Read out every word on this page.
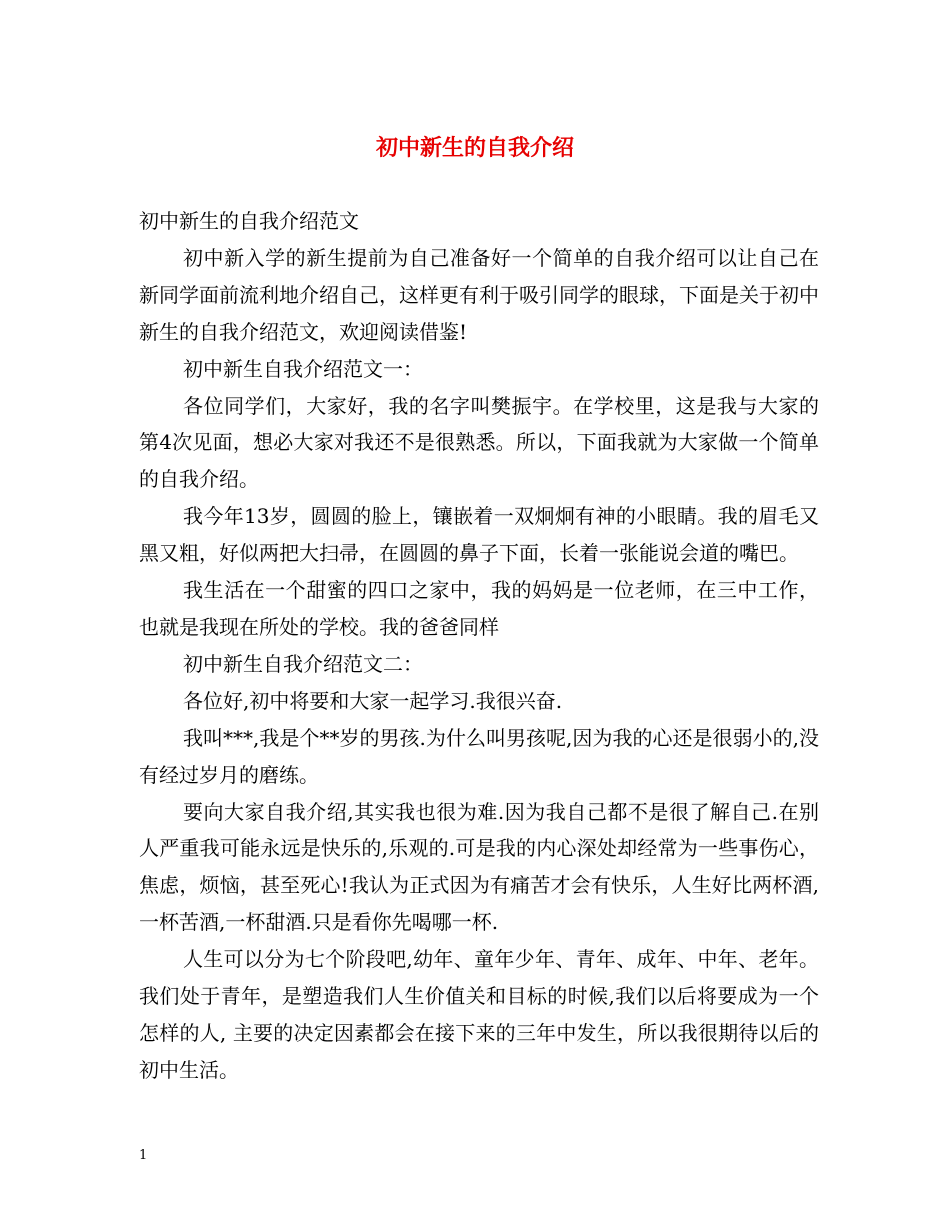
初中新生的自我介绍

初中新生的自我介绍范文

初中新入学的新生提前为自己准备好一个简单的自我介绍可以让自己在新同学面前流利地介绍自己，这样更有利于吸引同学的眼球，下面是关于初中新生的自我介绍范文，欢迎阅读借鉴!

初中新生自我介绍范文一：

各位同学们，大家好，我的名字叫樊振宇。在学校里，这是我与大家的第4次见面，想必大家对我还不是很熟悉。所以，下面我就为大家做一个简单的自我介绍。

我今年13岁，圆圆的脸上，镶嵌着一双炯炯有神的小眼睛。我的眉毛又黑又粗，好似两把大扫帚，在圆圆的鼻子下面，长着一张能说会道的嘴巴。

我生活在一个甜蜜的四口之家中，我的妈妈是一位老师，在三中工作，也就是我现在所处的学校。我的爸爸同样

初中新生自我介绍范文二：

各位好,初中将要和大家一起学习.我很兴奋.

我叫***,我是个**岁的男孩.为什么叫男孩呢,因为我的心还是很弱小的,没有经过岁月的磨练。

要向大家自我介绍,其实我也很为难.因为我自己都不是很了解自己.在别人严重我可能永远是快乐的,乐观的.可是我的内心深处却经常为一些事伤心，焦虑，烦恼，甚至死心!我认为正式因为有痛苦才会有快乐，人生好比两杯酒,一杯苦酒,一杯甜酒.只是看你先喝哪一杯.

人生可以分为七个阶段吧,幼年、童年少年、青年、成年、中年、老年。我们处于青年，是塑造我们人生价值关和目标的时候,我们以后将要成为一个怎样的人, 主要的决定因素都会在接下来的三年中发生，所以我很期待以后的初中生活。

1
